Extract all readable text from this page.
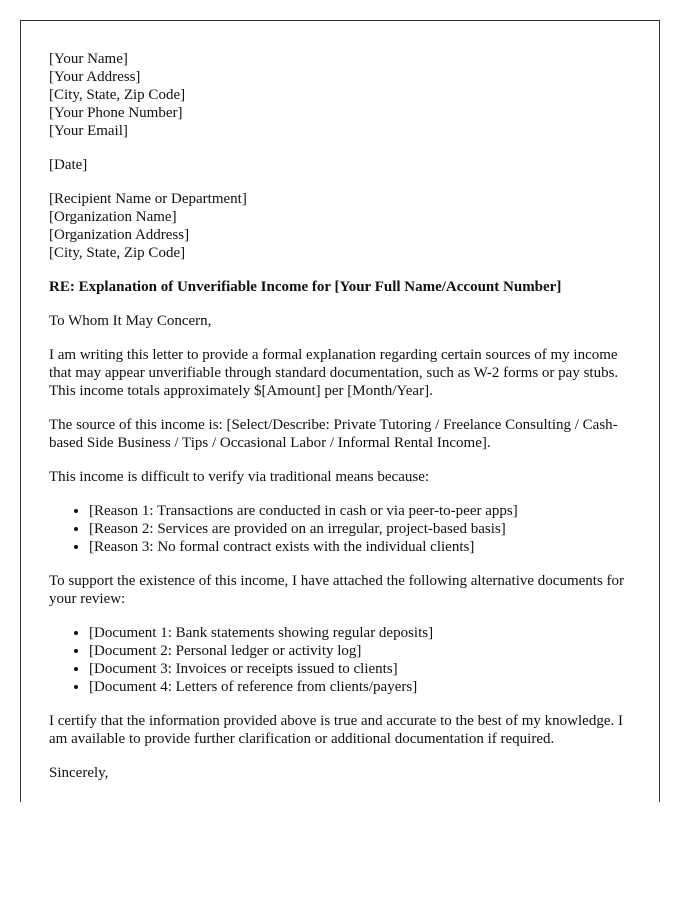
[Your Name]
[Your Address]
[City, State, Zip Code]
[Your Phone Number]
[Your Email]
[Date]
[Recipient Name or Department]
[Organization Name]
[Organization Address]
[City, State, Zip Code]

RE: Explanation of Unverifiable Income for [Your Full Name/Account Number]

To Whom It May Concern,

I am writing this letter to provide a formal explanation regarding certain sources of my income that may appear unverifiable through standard documentation, such as W-2 forms or pay stubs. This income totals approximately $[Amount] per [Month/Year].

The source of this income is: [Select/Describe: Private Tutoring / Freelance Consulting / Cash-based Side Business / Tips / Occasional Labor / Informal Rental Income].

This income is difficult to verify via traditional means because:

• [Reason 1: Transactions are conducted in cash or via peer-to-peer apps]
• [Reason 2: Services are provided on an irregular, project-based basis]
• [Reason 3: No formal contract exists with the individual clients]

To support the existence of this income, I have attached the following alternative documents for your review:

• [Document 1: Bank statements showing regular deposits]
• [Document 2: Personal ledger or activity log]
• [Document 3: Invoices or receipts issued to clients]
• [Document 4: Letters of reference from clients/payers]

I certify that the information provided above is true and accurate to the best of my knowledge. I am available to provide further clarification or additional documentation if required.

Sincerely,
